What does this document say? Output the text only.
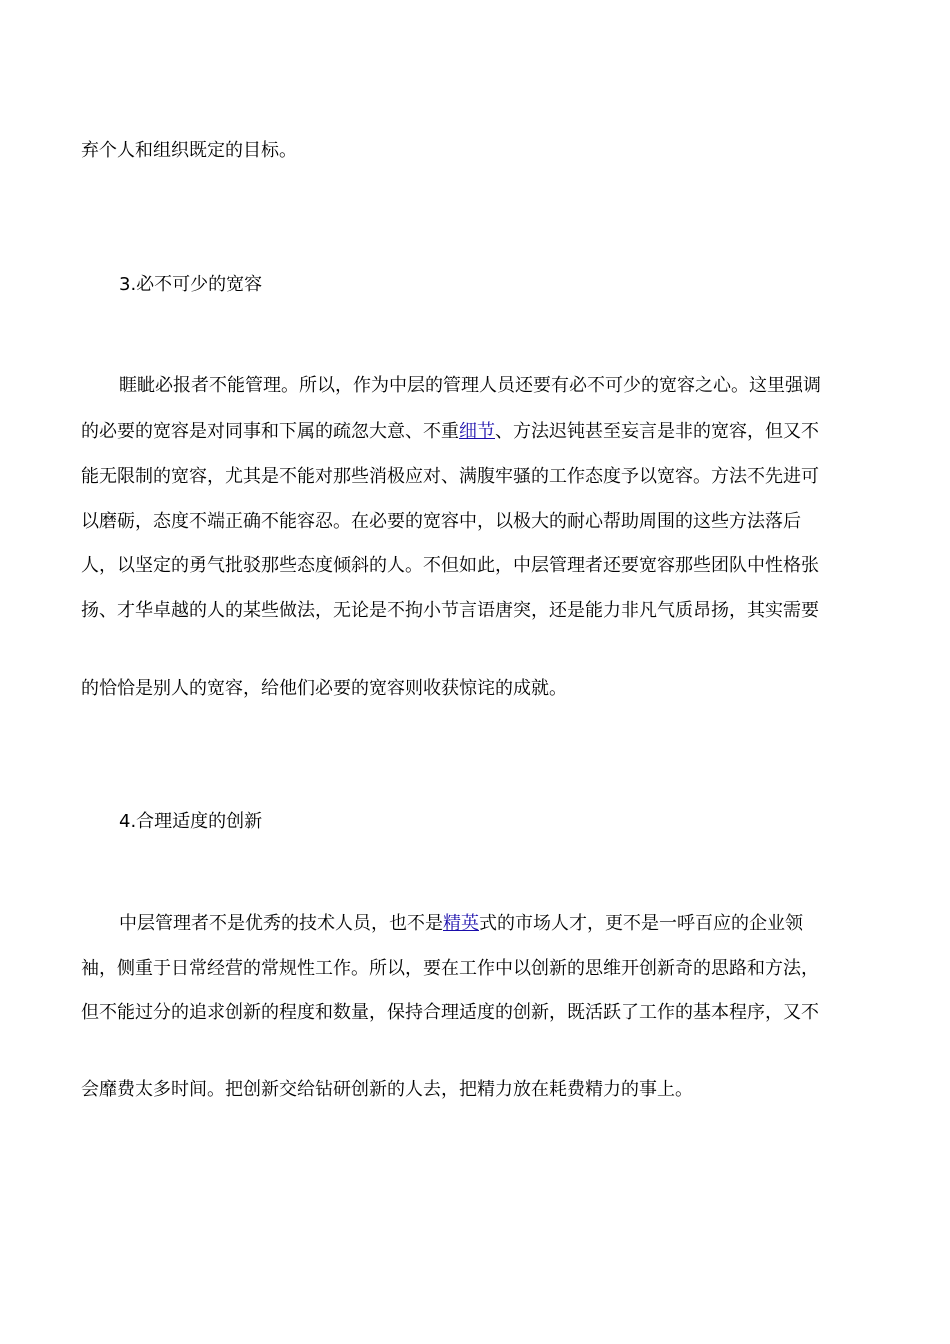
弃个人和组织既定的目标。
3.必不可少的宽容
睚眦必报者不能管理。所以，作为中层的管理人员还要有必不可少的宽容之心。这里强调
的必要的宽容是对同事和下属的疏忽大意、不重细节、方法迟钝甚至妄言是非的宽容，但又不
能无限制的宽容，尤其是不能对那些消极应对、满腹牢骚的工作态度予以宽容。方法不先进可
以磨砺，态度不端正确不能容忍。在必要的宽容中，以极大的耐心帮助周围的这些方法落后
人，以坚定的勇气批驳那些态度倾斜的人。不但如此，中层管理者还要宽容那些团队中性格张
扬、才华卓越的人的某些做法，无论是不拘小节言语唐突，还是能力非凡气质昂扬，其实需要
的恰恰是别人的宽容，给他们必要的宽容则收获惊诧的成就。
4.合理适度的创新
中层管理者不是优秀的技术人员，也不是精英式的市场人才，更不是一呼百应的企业领
袖，侧重于日常经营的常规性工作。所以，要在工作中以创新的思维开创新奇的思路和方法，
但不能过分的追求创新的程度和数量，保持合理适度的创新，既活跃了工作的基本程序，又不
会靡费太多时间。把创新交给钻研创新的人去，把精力放在耗费精力的事上。
